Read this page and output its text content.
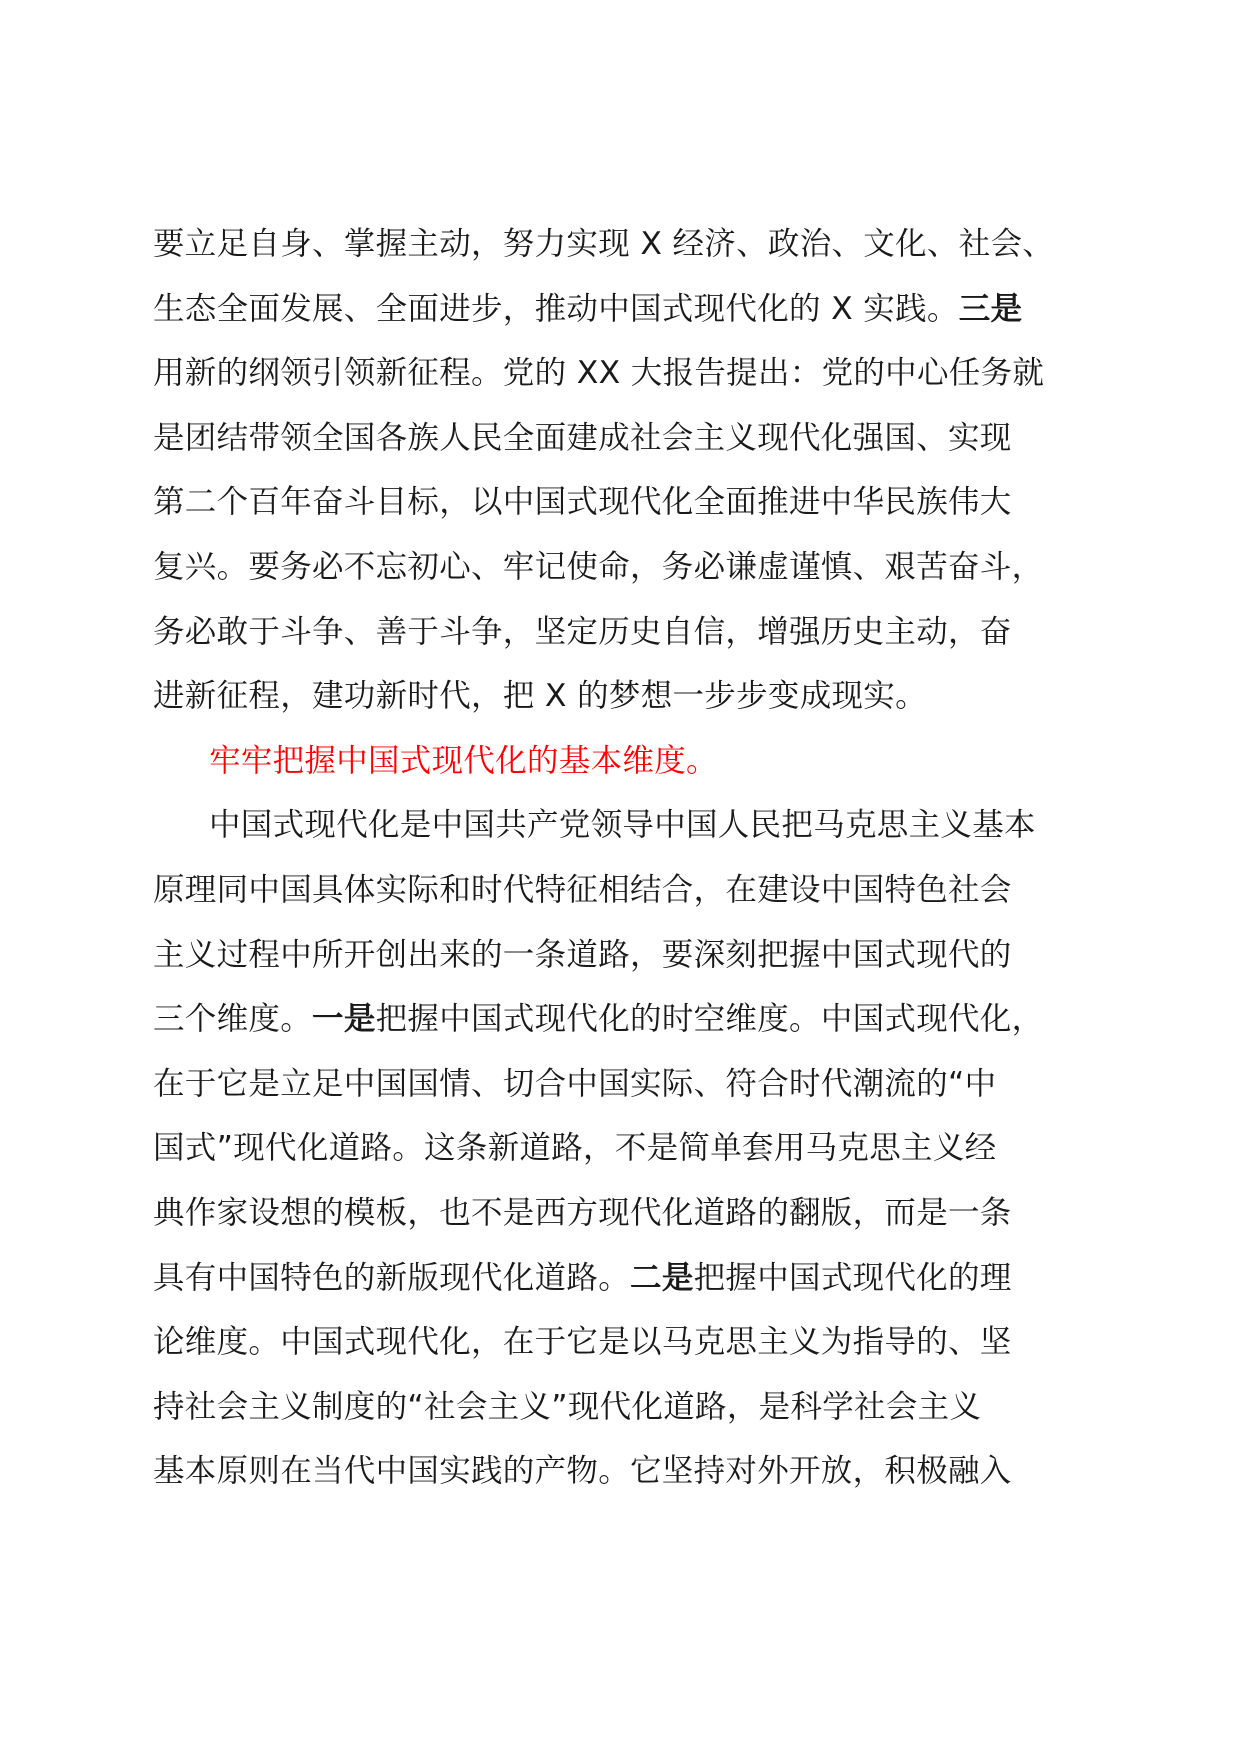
要立足自身、掌握主动，努力实现 X 经济、政治、文化、社会、
生态全面发展、全面进步，推动中国式现代化的 X 实践。三是
用新的纲领引领新征程。党的 XX 大报告提出：党的中心任务就
是团结带领全国各族人民全面建成社会主义现代化强国、实现
第二个百年奋斗目标，以中国式现代化全面推进中华民族伟大
复兴。要务必不忘初心、牢记使命，务必谦虚谨慎、艰苦奋斗，
务必敢于斗争、善于斗争，坚定历史自信，增强历史主动，奋
进新征程，建功新时代，把 X 的梦想一步步变成现实。
牢牢把握中国式现代化的基本维度。
中国式现代化是中国共产党领导中国人民把马克思主义基本
原理同中国具体实际和时代特征相结合，在建设中国特色社会
主义过程中所开创出来的一条道路，要深刻把握中国式现代的
三个维度。一是把握中国式现代化的时空维度。中国式现代化，
在于它是立足中国国情、切合中国实际、符合时代潮流的“中
国式”现代化道路。这条新道路，不是简单套用马克思主义经
典作家设想的模板，也不是西方现代化道路的翻版，而是一条
具有中国特色的新版现代化道路。二是把握中国式现代化的理
论维度。中国式现代化，在于它是以马克思主义为指导的、坚
持社会主义制度的“社会主义”现代化道路，是科学社会主义
基本原则在当代中国实践的产物。它坚持对外开放，积极融入
